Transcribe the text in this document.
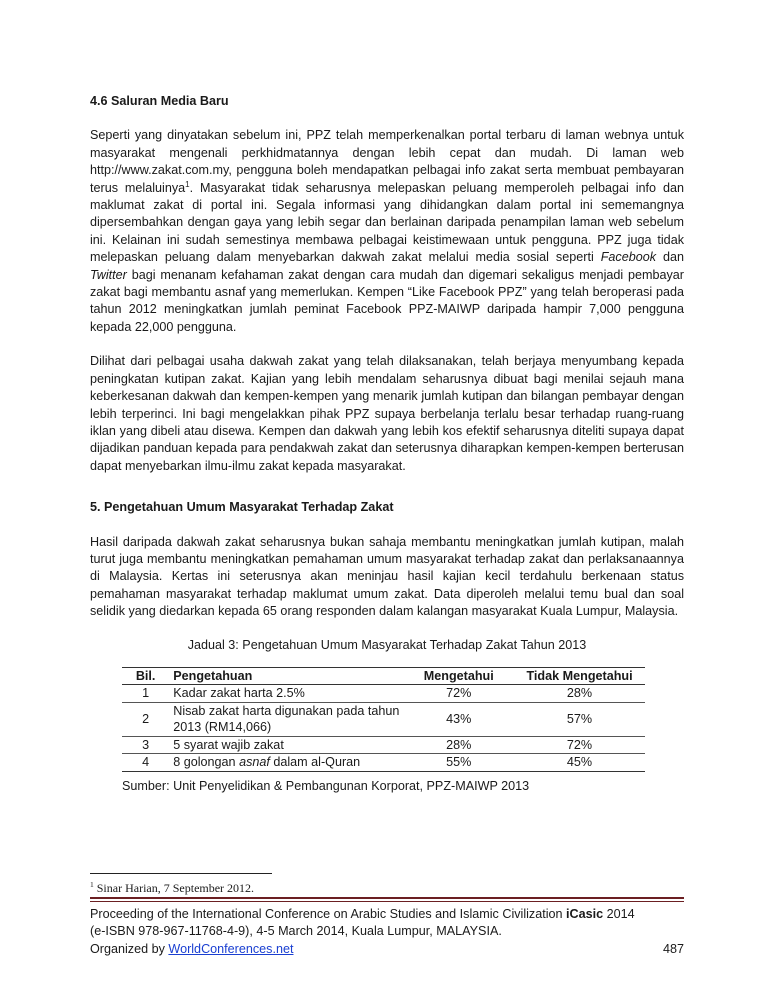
4.6 Saluran Media Baru

Seperti yang dinyatakan sebelum ini, PPZ telah memperkenalkan portal terbaru di laman webnya untuk masyarakat mengenali perkhidmatannya dengan lebih cepat dan mudah. Di laman web http://www.zakat.com.my, pengguna boleh mendapatkan pelbagai info zakat serta membuat pembayaran terus melaluinya$^1$. Masyarakat tidak seharusnya melepaskan peluang memperoleh pelbagai info dan maklumat zakat di portal ini. Segala informasi yang dihidangkan dalam portal ini sememangnya dipersembahkan dengan gaya yang lebih segar dan berlainan daripada penampilan laman web sebelum ini. Kelainan ini sudah semestinya membawa pelbagai keistimewaan untuk pengguna. PPZ juga tidak melepaskan peluang dalam menyebarkan dakwah zakat melalui media sosial seperti Facebook dan Twitter bagi menanam kefahaman zakat dengan cara mudah dan digemari sekaligus menjadi pembayar zakat bagi membantu asnaf yang memerlukan. Kempen “Like Facebook PPZ” yang telah beroperasi pada tahun 2012 meningkatkan jumlah peminat Facebook PPZ-MAIWP daripada hampir 7,000 pengguna kepada 22,000 pengguna.

Dilihat dari pelbagai usaha dakwah zakat yang telah dilaksanakan, telah berjaya menyumbang kepada peningkatan kutipan zakat. Kajian yang lebih mendalam seharusnya dibuat bagi menilai sejauh mana keberkesanan dakwah dan kempen-kempen yang menarik jumlah kutipan dan bilangan pembayar dengan lebih terperinci. Ini bagi mengelakkan pihak PPZ supaya berbelanja terlalu besar terhadap ruang-ruang iklan yang dibeli atau disewa. Kempen dan dakwah yang lebih kos efektif seharusnya diteliti supaya dapat dijadikan panduan kepada para pendakwah zakat dan seterusnya diharapkan kempen-kempen berterusan dapat menyebarkan ilmu-ilmu zakat kepada masyarakat.

5. Pengetahuan Umum Masyarakat Terhadap Zakat

Hasil daripada dakwah zakat seharusnya bukan sahaja membantu meningkatkan jumlah kutipan, malah turut juga membantu meningkatkan pemahaman umum masyarakat terhadap zakat dan perlaksanaannya di Malaysia. Kertas ini seterusnya akan meninjau hasil kajian kecil terdahulu berkenaan status pemahaman masyarakat terhadap maklumat umum zakat. Data diperoleh melalui temu bual dan soal selidik yang diedarkan kepada 65 orang responden dalam kalangan masyarakat Kuala Lumpur, Malaysia.

Jadual 3: Pengetahuan Umum Masyarakat Terhadap Zakat Tahun 2013
Bil.	Pengetahuan	Mengetahui	Tidak Mengetahui
1	Kadar zakat harta 2.5%	72%	28%
2	Nisab zakat harta digunakan pada tahun 2013 (RM14,066)	43%	57%
3	5 syarat wajib zakat	28%	72%
4	8 golongan asnaf dalam al-Quran	55%	45%
Sumber: Unit Penyelidikan & Pembangunan Korporat, PPZ-MAIWP 2013
$^1$ Sinar Harian, 7 September 2012.
Proceeding of the International Conference on Arabic Studies and Islamic Civilization iCasic 2014
(e-ISBN 978-967-11768-4-9), 4-5 March 2014, Kuala Lumpur, MALAYSIA.
Organized by WorldConferences.net	487
